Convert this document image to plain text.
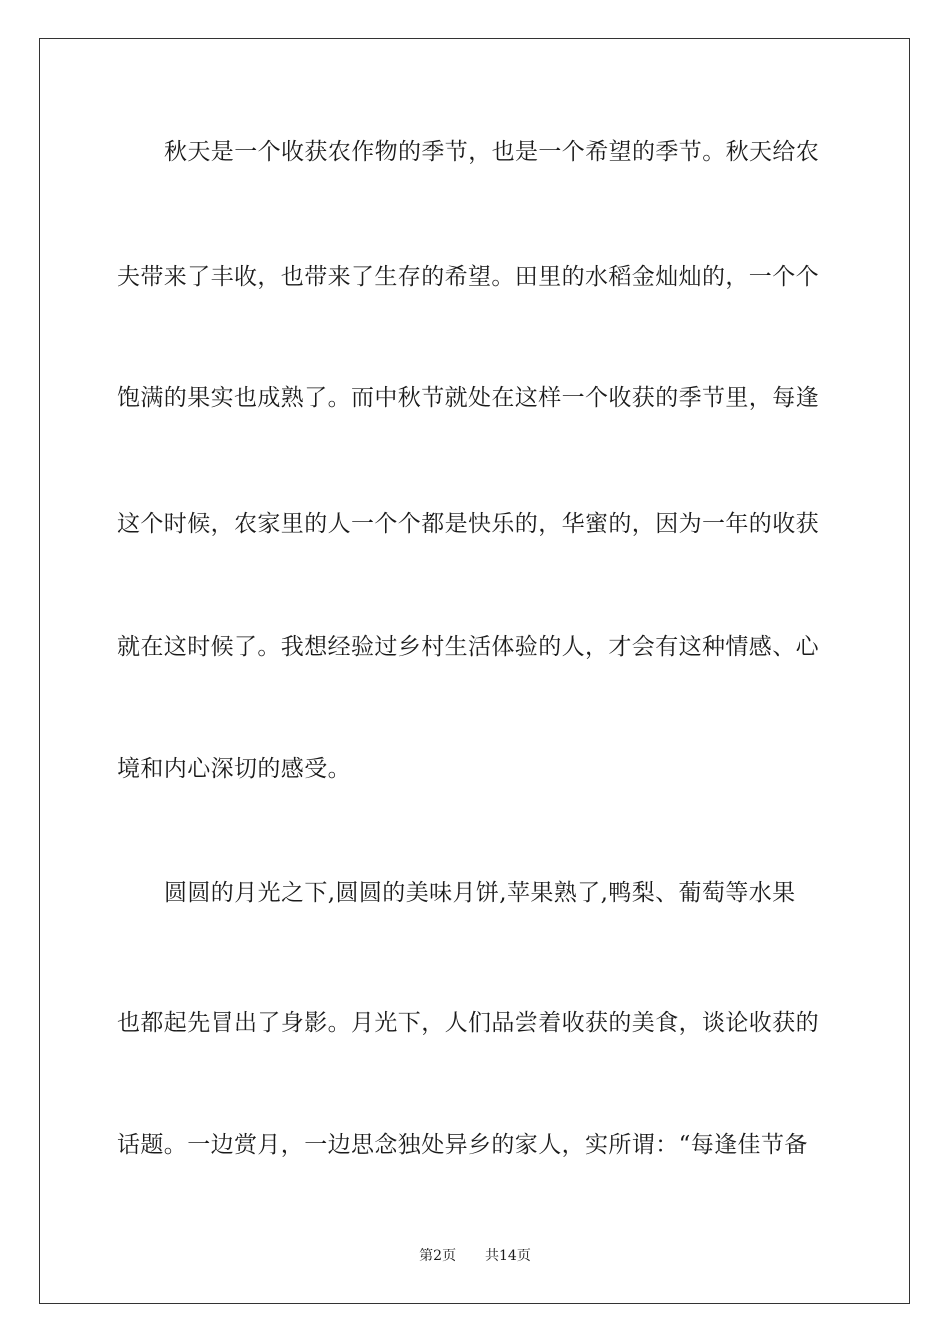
秋天是一个收获农作物的季节，也是一个希望的季节。秋天给农
夫带来了丰收，也带来了生存的希望。田里的水稻金灿灿的，一个个
饱满的果实也成熟了。而中秋节就处在这样一个收获的季节里，每逢
这个时候，农家里的人一个个都是快乐的，华蜜的，因为一年的收获
就在这时候了。我想经验过乡村生活体验的人，才会有这种情感、心
境和内心深切的感受。
圆圆的月光之下,圆圆的美味月饼,苹果熟了,鸭梨、葡萄等水果
也都起先冒出了身影。月光下，人们品尝着收获的美食，谈论收获的
话题。一边赏月，一边思念独处异乡的家人，实所谓：“每逢佳节备
第2页 共14页
